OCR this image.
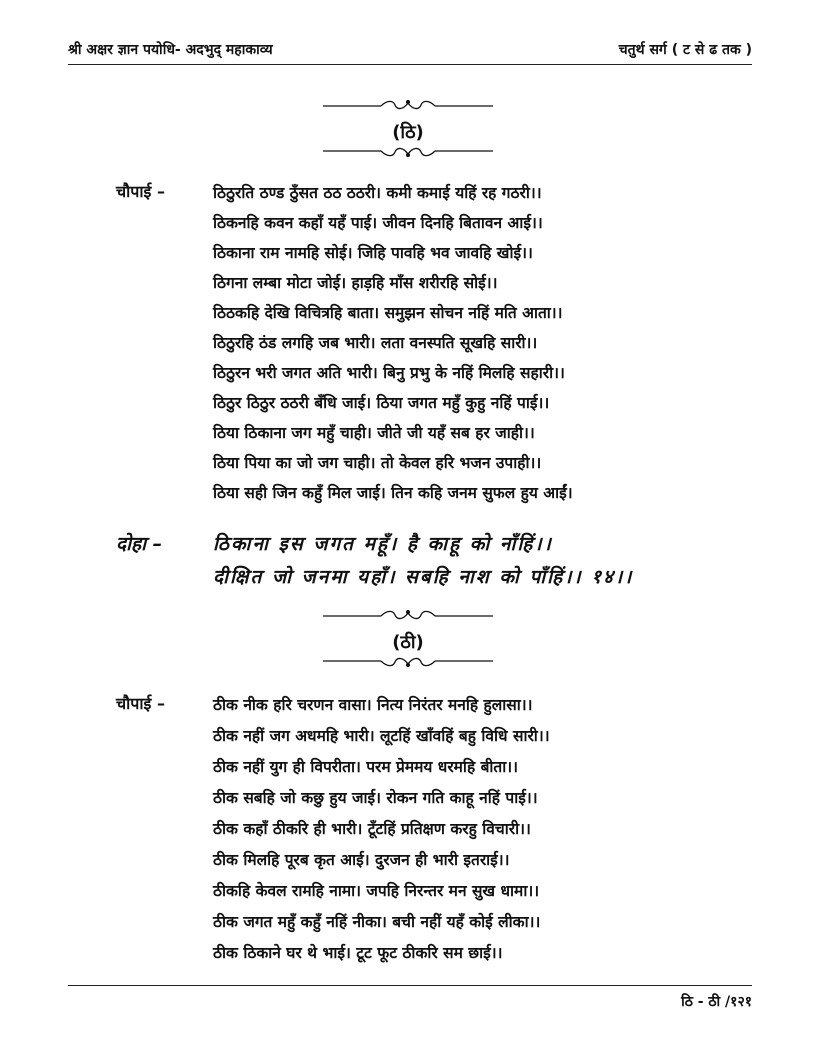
श्री अक्षर ज्ञान पयोधि- अदभुद् महाकाव्य	चतुर्थ सर्ग ( ट से ढ तक )
(ठि)
चौपाई –	ठिठुरति ठण्ड ठुँसत ठठ ठठरी। कमी कमाई यहिं रह गठरी।।
ठिकनहि कवन कहाँ यहँ पाई। जीवन दिनहि बितावन आई।।
ठिकाना राम नामहि सोई। जिहि पावहि भव जावहि खोई।।
ठिगना लम्बा मोटा जोई। हाड़हि माँस शरीरहि सोई।।
ठिठकहि देखि विचित्रहि बाता। समुझन सोचन नहिं मति आता।।
ठिठुरहि ठंड लगहि जब भारी। लता वनस्पति सूखहि सारी।।
ठिठुरन भरी जगत अति भारी। बिनु प्रभु के नहिं मिलहि सहारी।।
ठिठुर ठिठुर ठठरी बँधि जाई। ठिया जगत महुँ कुहु नहिं पाई।।
ठिया ठिकाना जग महुँ चाही। जीते जी यहँ सब हर जाही।।
ठिया पिया का जो जग चाही। तो केवल हरि भजन उपाही।।
ठिया सही जिन कहुँ मिल जाई। तिन कहि जनम सुफल हुय आईं।
दोहा –	ठिकाना इस जगत महूँ। है काहू को नाँहिं।।
दीक्षित जो जनमा यहाँ। सबहि नाश को पाँहिं।। १४।।
(ठी)
चौपाई –	ठीक नीक हरि चरणन वासा। नित्य निरंतर मनहि हुलासा।।
ठीक नहीं जग अधमहि भारी। लूटहिं खाँवहिं बहु विधि सारी।।
ठीक नहीं युग ही विपरीता। परम प्रेममय धरमहि बीता।।
ठीक सबहि जो कछु हुय जाई। रोकन गति काहू नहिं पाई।।
ठीक कहाँ ठीकरि ही भारी। टूँटहिं प्रतिक्षण करहु विचारी।।
ठीक मिलहि पूरब कृत आई। दुरजन ही भारी इतराई।।
ठीकहि केवल रामहि नामा। जपहि निरन्तर मन सुख धामा।।
ठीक जगत महुँ कहुँ नहिं नीका। बची नहीं यहँ कोई लीका।।
ठीक ठिकाने घर थे भाई। टूट फूट ठीकरि सम छाई।।
ठि - ठी /१२१
